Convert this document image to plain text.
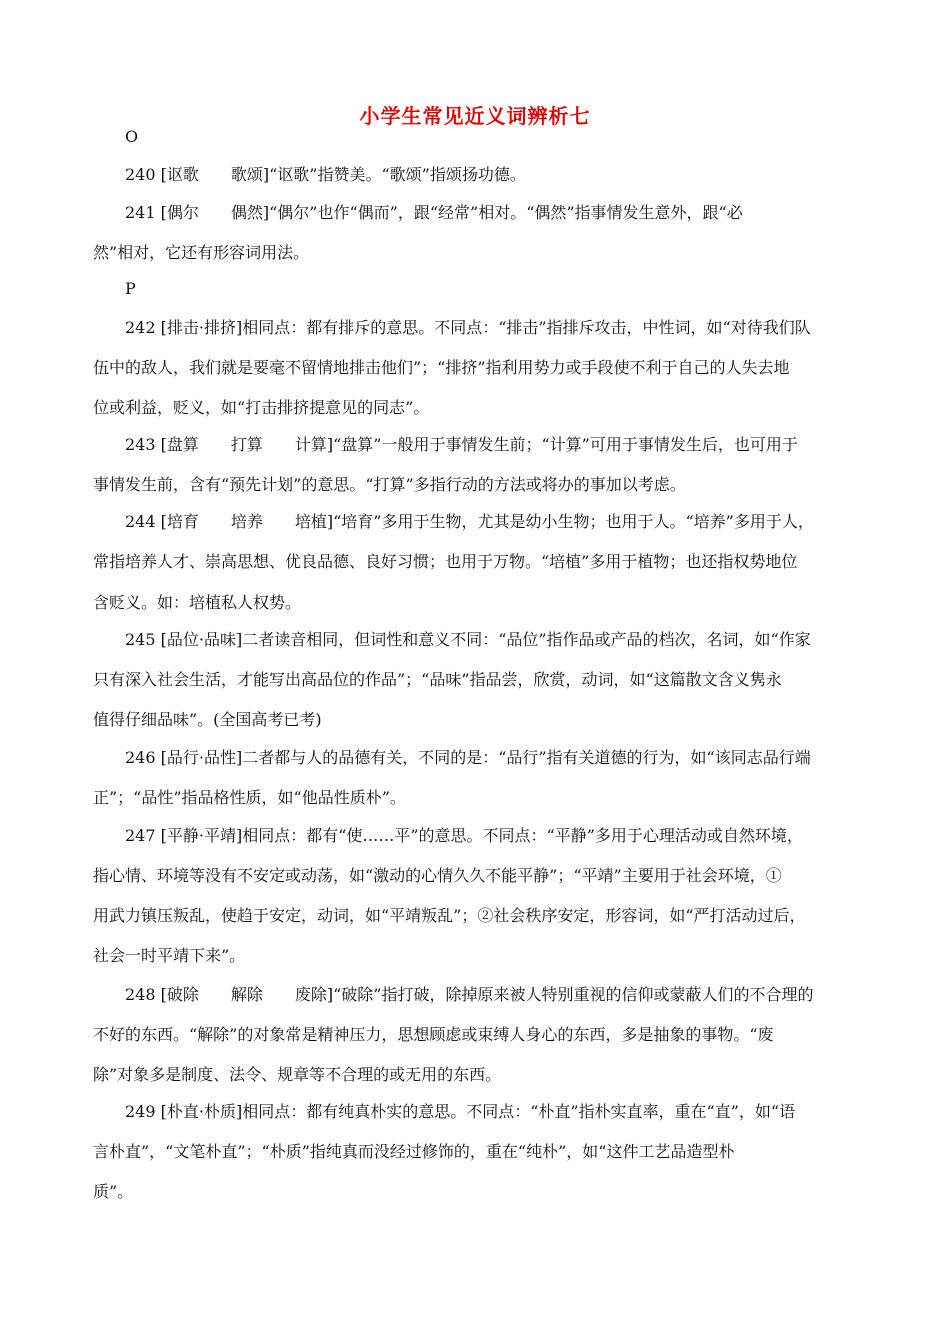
小学生常见近义词辨析七
O
240 [讴歌　　歌颂]“讴歌”指赞美。“歌颂”指颂扬功德。
241 [偶尔　　偶然]“偶尔”也作“偶而”，跟“经常”相对。“偶然”指事情发生意外，跟“必
然”相对，它还有形容词用法。
P
242 [排击·排挤]相同点：都有排斥的意思。不同点：“排击”指排斥攻击，中性词，如“对待我们队
伍中的敌人，我们就是要毫不留情地排击他们”；“排挤”指利用势力或手段使不利于自己的人失去地
位或利益，贬义，如“打击排挤提意见的同志”。
243 [盘算　　打算　　计算]“盘算”一般用于事情发生前；“计算”可用于事情发生后，也可用于
事情发生前，含有“预先计划”的意思。“打算”多指行动的方法或将办的事加以考虑。
244 [培育　　培养　　培植]“培育”多用于生物，尤其是幼小生物；也用于人。“培养”多用于人，
常指培养人才、崇高思想、优良品德、良好习惯；也用于万物。“培植”多用于植物；也还指权势地位
含贬义。如：培植私人权势。
245 [品位·品味]二者读音相同，但词性和意义不同：“品位”指作品或产品的档次，名词，如“作家
只有深入社会生活，才能写出高品位的作品”；“品味”指品尝，欣赏，动词，如“这篇散文含义隽永
值得仔细品味”。(全国高考已考)
246 [品行·品性]二者都与人的品德有关，不同的是：“品行”指有关道德的行为，如“该同志品行端
正”；“品性”指品格性质，如“他品性质朴”。
247 [平静·平靖]相同点：都有“使……平”的意思。不同点：“平静”多用于心理活动或自然环境，
指心情、环境等没有不安定或动荡，如“激动的心情久久不能平静”；“平靖”主要用于社会环境，①
用武力镇压叛乱，使趋于安定，动词，如“平靖叛乱”；②社会秩序安定，形容词，如“严打活动过后，
社会一时平靖下来”。
248 [破除　　解除　　废除]“破除”指打破，除掉原来被人特别重视的信仰或蒙蔽人们的不合理的
不好的东西。“解除”的对象常是精神压力，思想顾虑或束缚人身心的东西，多是抽象的事物。“废
除”对象多是制度、法令、规章等不合理的或无用的东西。
249 [朴直·朴质]相同点：都有纯真朴实的意思。不同点：“朴直”指朴实直率，重在“直”，如“语
言朴直”，“文笔朴直”；“朴质”指纯真而没经过修饰的，重在“纯朴”，如“这件工艺品造型朴
质”。
